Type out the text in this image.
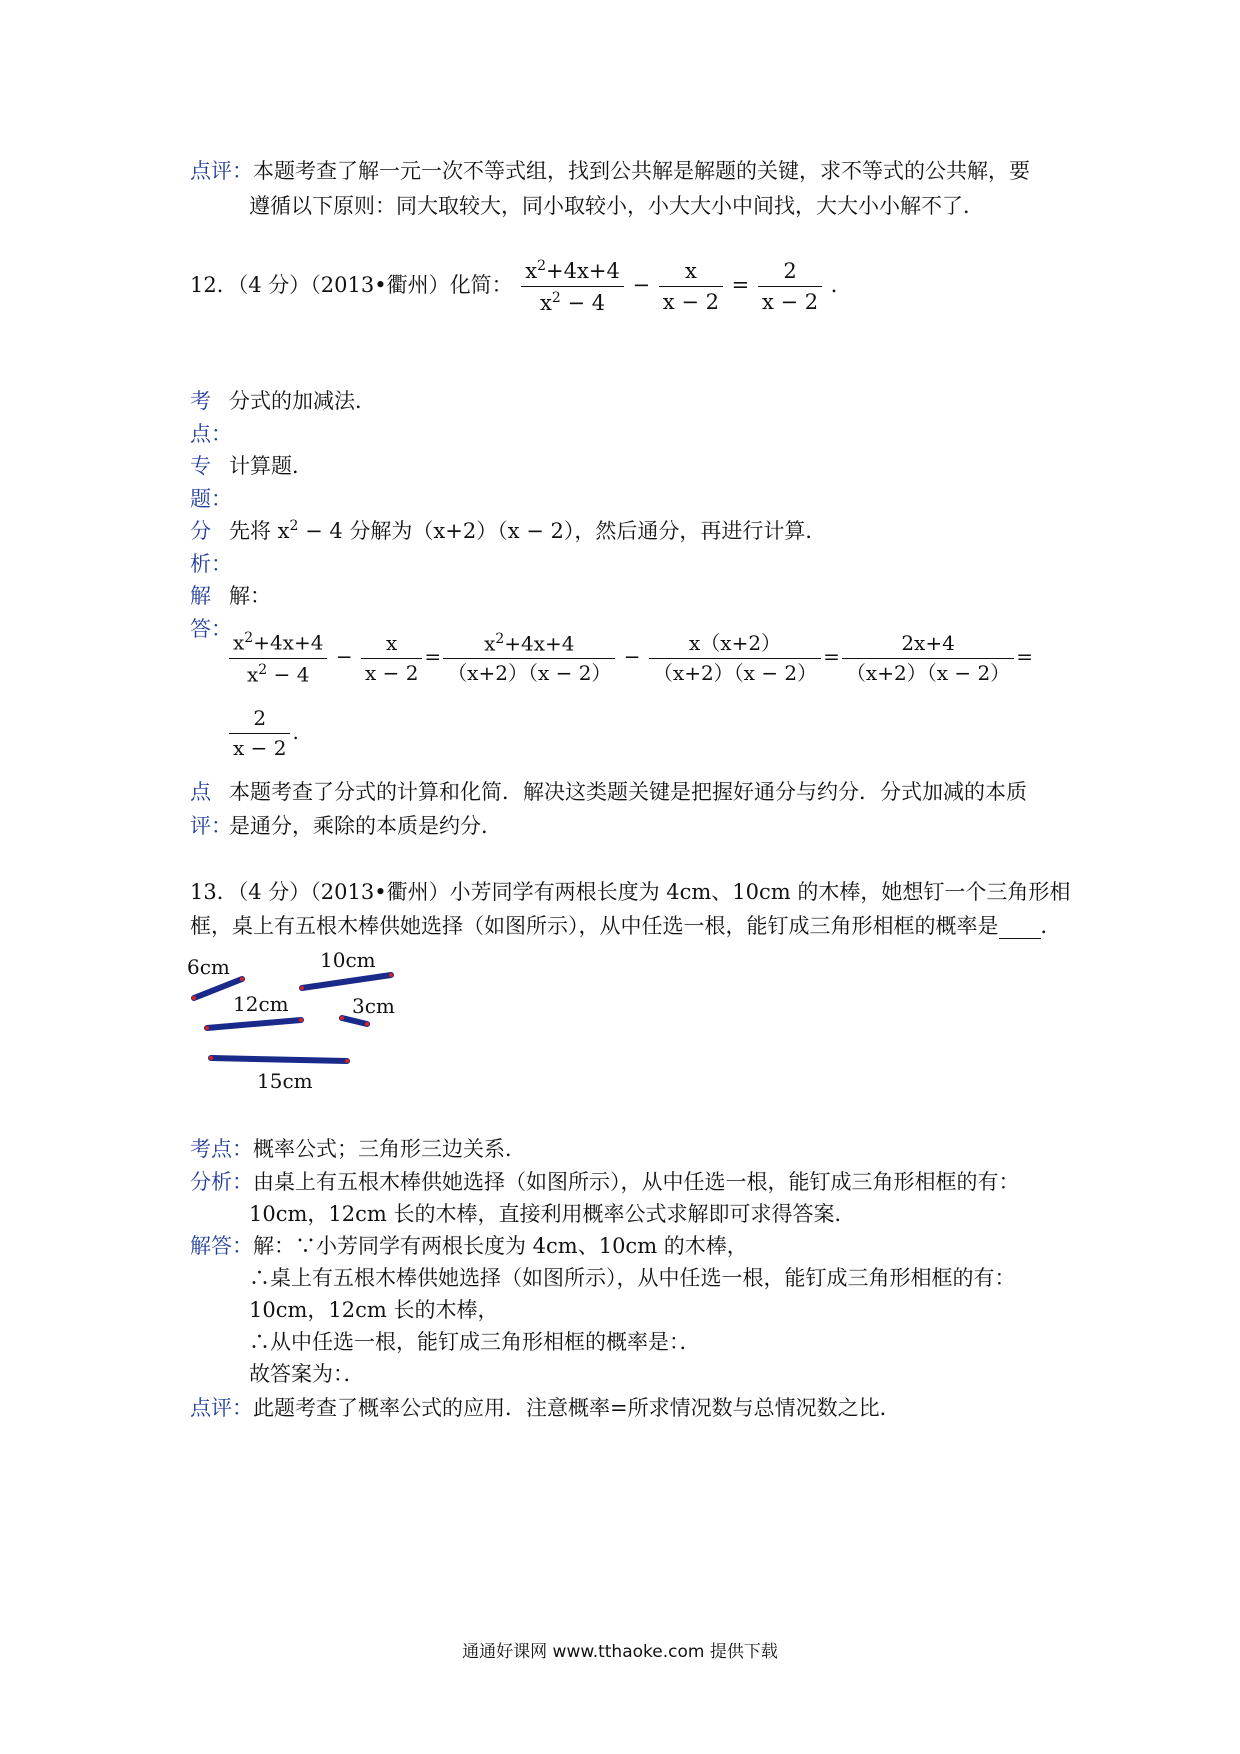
点评：本题考查了解一元一次不等式组，找到公共解是解题的关键，求不等式的公共解，要
遵循以下原则：同大取较大，同小取较小，小大大小中间找，大大小小解不了．
12．（4 分）（2013•衢州）化简： $\frac{x^2+4x+4}{x^2 - 4} - \frac{x}{x - 2} = \frac{2}{x - 2}$ ．
考
点：
分式的加减法．
专
题：
计算题．
分
析：
先将 $x^2 - 4$ 分解为（x+2）（x − 2），然后通分，再进行计算．
解
答：
解：
$\frac{x^2+4x+4}{x^2 - 4} - \frac{x}{x - 2} = \frac{x^2+4x+4}{(x+2)(x - 2)} - \frac{x(x+2)}{(x+2)(x - 2)} = \frac{2x+4}{(x+2)(x - 2)}$ =
$\frac{2}{x - 2}$ .
点
评：
本题考查了分式的计算和化简．解决这类题关键是把握好通分与约分．分式加减的本质
是通分，乘除的本质是约分．
13．（4 分）（2013•衢州）小芳同学有两根长度为 4cm、10cm 的木棒，她想钉一个三角形相
框，桌上有五根木棒供她选择（如图所示），从中任选一根，能钉成三角形相框的概率是 ．
6cm	10cm
12cm	3cm
15cm
考点：概率公式；三角形三边关系．
分析：由桌上有五根木棒供她选择（如图所示），从中任选一根，能钉成三角形相框的有：
10cm，12cm 长的木棒，直接利用概率公式求解即可求得答案．
解答：解：∵小芳同学有两根长度为 4cm、10cm 的木棒，
∴桌上有五根木棒供她选择（如图所示），从中任选一根，能钉成三角形相框的有：
10cm，12cm 长的木棒，
∴从中任选一根，能钉成三角形相框的概率是：．
故答案为：．
点评：此题考查了概率公式的应用．注意概率=所求情况数与总情况数之比．
通通好课网 www.tthaoke.com 提供下载
